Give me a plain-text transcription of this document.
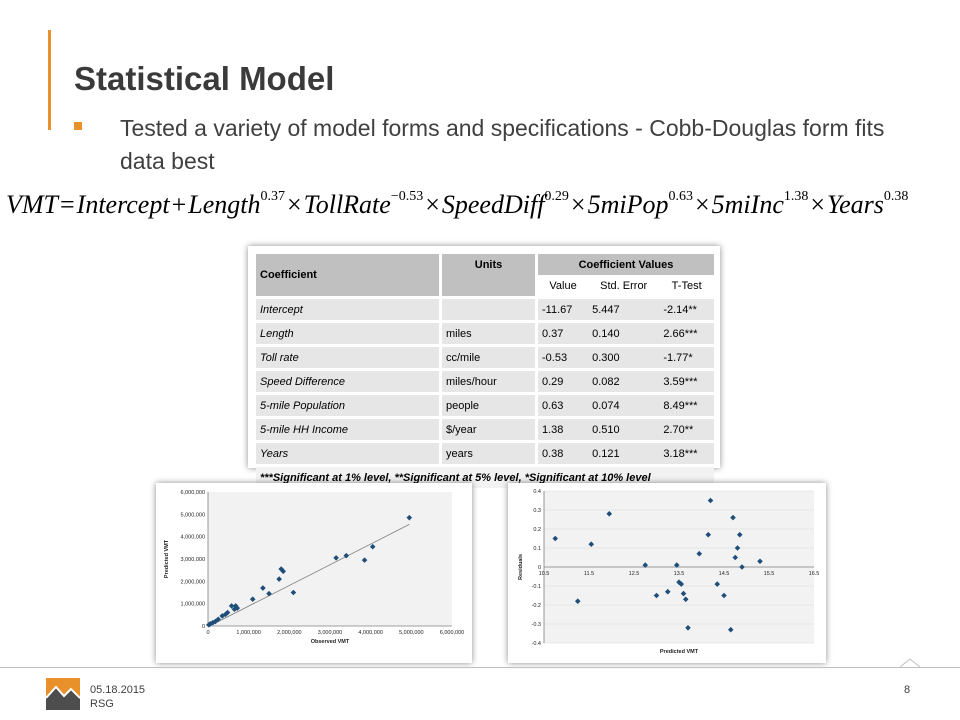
Statistical Model
Tested a variety of model forms and specifications - Cobb-Douglas form fits data best
VMT=Intercept+Length$^{0.37}$×TollRate$^{-0.53}$×SpeedDiff$^{0.29}$×5miPop$^{0.63}$×5miInc$^{1.38}$×Years$^{0.38}$
Coefficient	Units	Coefficient Values		
		Value	Std. Error	T-Test
Intercept		-11.67	5.447	-2.14**
Length	miles	0.37	0.140	2.66***
Toll rate	cc/mile	-0.53	0.300	-1.77*
Speed Difference	miles/hour	0.29	0.082	3.59***
5-mile Population	people	0.63	0.074	8.49***
5-mile HH Income	$/year	1.38	0.510	2.70**
Years	years	0.38	0.121	3.18***
***Significant at 1% level, **Significant at 5% level, *Significant at 10% level				
0
1,000,000
2,000,000
3,000,000
4,000,000
5,000,000
6,000,000
0	1,000,000	2,000,000	3,000,000	4,000,000	5,000,000	6,000,000
Observed VMT
Predicted VMT
-0.4
-0.3
-0.2
-0.1
0
0.1
0.2
0.3
0.4
10.5	11.5	12.5	13.5	14.5	15.5	16.5
Predicted VMT
Residuals
05.18.2015
RSG
8
